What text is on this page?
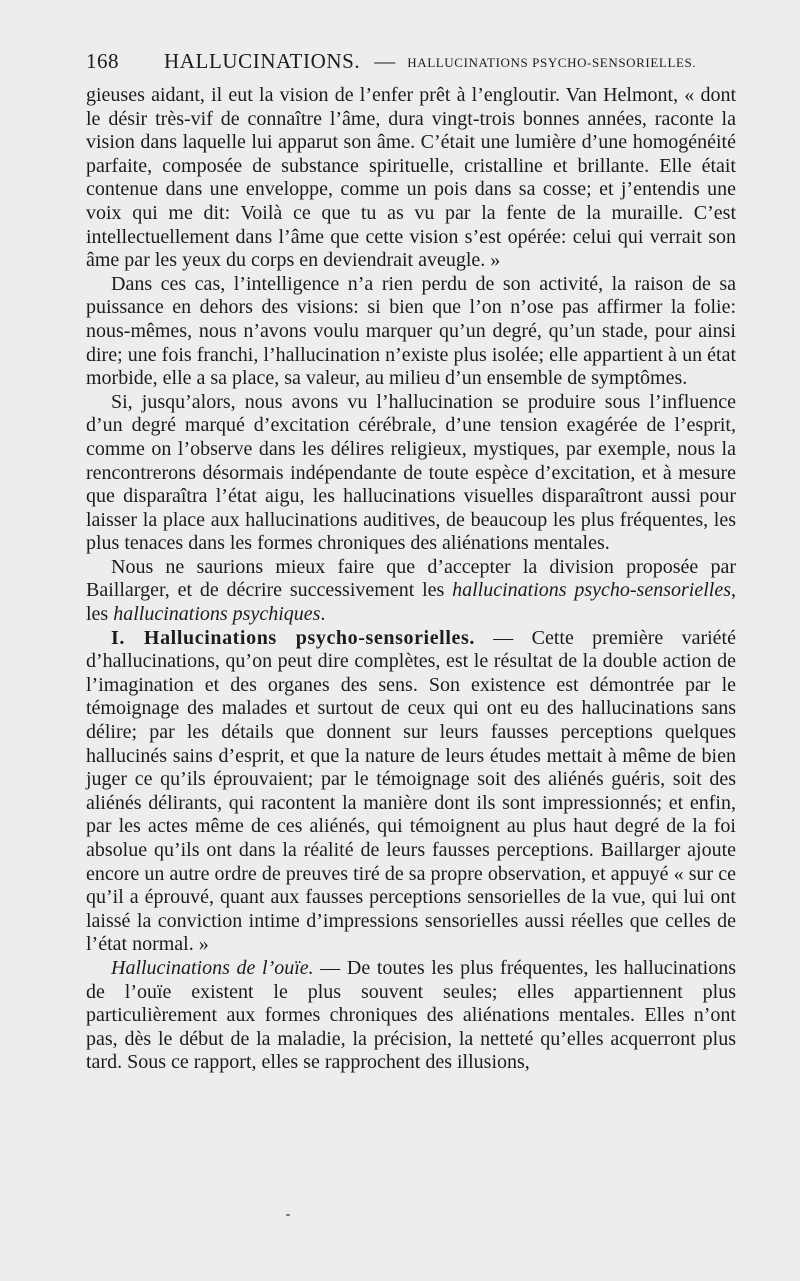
168 HALLUCINATIONS. — HALLUCINATIONS PSYCHO-SENSORIELLES.

gieuses aidant, il eut la vision de l’enfer prêt à l’engloutir. Van Helmont, « dont le désir très-vif de connaître l’âme, dura vingt-trois bonnes années, raconte la vision dans laquelle lui apparut son âme. C’était une lumière d’une homogénéité parfaite, composée de substance spirituelle, cristalline et brillante. Elle était contenue dans une enveloppe, comme un pois dans sa cosse; et j’entendis une voix qui me dit: Voilà ce que tu as vu par la fente de la muraille. C’est intellectuellement dans l’âme que cette vision s’est opérée: celui qui verrait son âme par les yeux du corps en deviendrait aveugle. »

Dans ces cas, l’intelligence n’a rien perdu de son activité, la raison de sa puissance en dehors des visions: si bien que l’on n’ose pas affirmer la folie: nous-mêmes, nous n’avons voulu marquer qu’un degré, qu’un stade, pour ainsi dire; une fois franchi, l’hallucination n’existe plus isolée; elle appartient à un état morbide, elle a sa place, sa valeur, au milieu d’un ensemble de symptômes.

Si, jusqu’alors, nous avons vu l’hallucination se produire sous l’influence d’un degré marqué d’excitation cérébrale, d’une tension exagérée de l’esprit, comme on l’observe dans les délires religieux, mystiques, par exemple, nous la rencontrerons désormais indépendante de toute espèce d’excitation, et à mesure que disparaîtra l’état aigu, les hallucinations visuelles disparaîtront aussi pour laisser la place aux hallucinations auditives, de beaucoup les plus fréquentes, les plus tenaces dans les formes chroniques des aliénations mentales.

Nous ne saurions mieux faire que d’accepter la division proposée par Baillarger, et de décrire successivement les hallucinations psycho-sensorielles, les hallucinations psychiques.

I. Hallucinations psycho-sensorielles. — Cette première variété d’hallucinations, qu’on peut dire complètes, est le résultat de la double action de l’imagination et des organes des sens. Son existence est démontrée par le témoignage des malades et surtout de ceux qui ont eu des hallucinations sans délire; par les détails que donnent sur leurs fausses perceptions quelques hallucinés sains d’esprit, et que la nature de leurs études mettait à même de bien juger ce qu’ils éprouvaient; par le témoignage soit des aliénés guéris, soit des aliénés délirants, qui racontent la manière dont ils sont impressionnés; et enfin, par les actes même de ces aliénés, qui témoignent au plus haut degré de la foi absolue qu’ils ont dans la réalité de leurs fausses perceptions. Baillarger ajoute encore un autre ordre de preuves tiré de sa propre observation, et appuyé « sur ce qu’il a éprouvé, quant aux fausses perceptions sensorielles de la vue, qui lui ont laissé la conviction intime d’impressions sensorielles aussi réelles que celles de l’état normal. »

Hallucinations de l’ouïe. — De toutes les plus fréquentes, les hallucinations de l’ouïe existent le plus souvent seules; elles appartiennent plus particulièrement aux formes chroniques des aliénations mentales. Elles n’ont pas, dès le début de la maladie, la précision, la netteté qu’elles acquerront plus tard. Sous ce rapport, elles se rapprochent des illusions,
